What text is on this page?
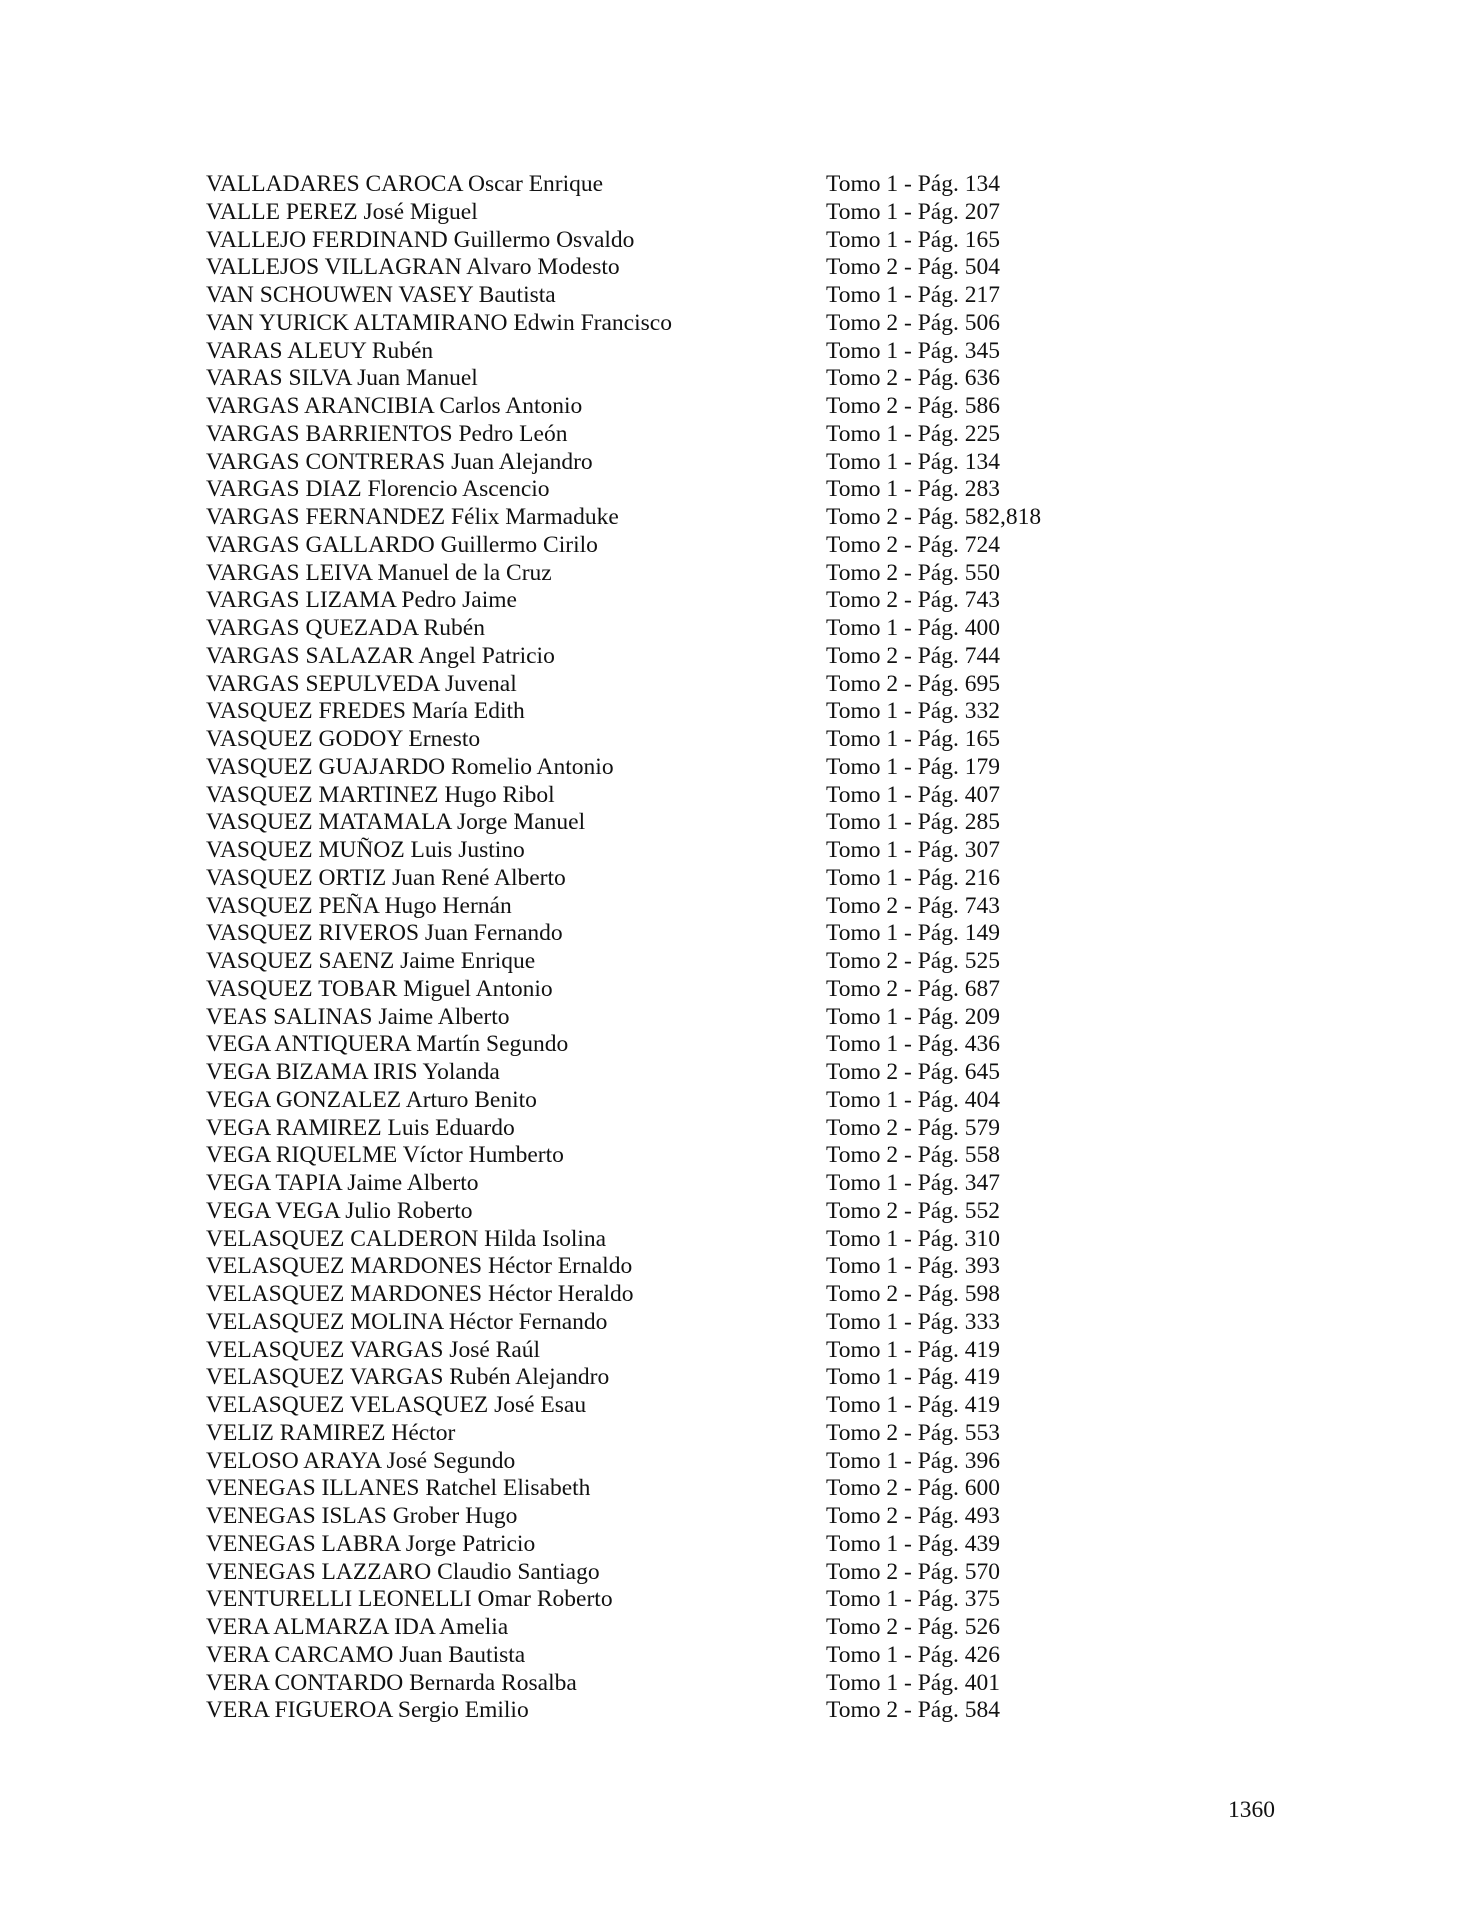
VALLADARES CAROCA Oscar Enrique	Tomo 1 - Pág. 134
VALLE PEREZ José Miguel	Tomo 1 - Pág. 207
VALLEJO FERDINAND Guillermo Osvaldo	Tomo 1 - Pág. 165
VALLEJOS VILLAGRAN Alvaro Modesto	Tomo 2 - Pág. 504
VAN SCHOUWEN VASEY Bautista	Tomo 1 - Pág. 217
VAN YURICK ALTAMIRANO Edwin Francisco	Tomo 2 - Pág. 506
VARAS ALEUY Rubén	Tomo 1 - Pág. 345
VARAS SILVA Juan Manuel	Tomo 2 - Pág. 636
VARGAS ARANCIBIA Carlos Antonio	Tomo 2 - Pág. 586
VARGAS BARRIENTOS Pedro León	Tomo 1 - Pág. 225
VARGAS CONTRERAS Juan Alejandro	Tomo 1 - Pág. 134
VARGAS DIAZ Florencio Ascencio	Tomo 1 - Pág. 283
VARGAS FERNANDEZ Félix Marmaduke	Tomo 2 - Pág. 582,818
VARGAS GALLARDO Guillermo Cirilo	Tomo 2 - Pág. 724
VARGAS LEIVA Manuel de la Cruz	Tomo 2 - Pág. 550
VARGAS LIZAMA Pedro Jaime	Tomo 2 - Pág. 743
VARGAS QUEZADA Rubén	Tomo 1 - Pág. 400
VARGAS SALAZAR Angel Patricio	Tomo 2 - Pág. 744
VARGAS SEPULVEDA Juvenal	Tomo 2 - Pág. 695
VASQUEZ FREDES María Edith	Tomo 1 - Pág. 332
VASQUEZ GODOY Ernesto	Tomo 1 - Pág. 165
VASQUEZ GUAJARDO Romelio Antonio	Tomo 1 - Pág. 179
VASQUEZ MARTINEZ Hugo Ribol	Tomo 1 - Pág. 407
VASQUEZ MATAMALA Jorge Manuel	Tomo 1 - Pág. 285
VASQUEZ MUÑOZ Luis Justino	Tomo 1 - Pág. 307
VASQUEZ ORTIZ Juan René Alberto	Tomo 1 - Pág. 216
VASQUEZ PEÑA Hugo Hernán	Tomo 2 - Pág. 743
VASQUEZ RIVEROS Juan Fernando	Tomo 1 - Pág. 149
VASQUEZ SAENZ Jaime Enrique	Tomo 2 - Pág. 525
VASQUEZ TOBAR Miguel Antonio	Tomo 2 - Pág. 687
VEAS SALINAS Jaime Alberto	Tomo 1 - Pág. 209
VEGA ANTIQUERA Martín Segundo	Tomo 1 - Pág. 436
VEGA BIZAMA IRIS Yolanda	Tomo 2 - Pág. 645
VEGA GONZALEZ Arturo Benito	Tomo 1 - Pág. 404
VEGA RAMIREZ Luis Eduardo	Tomo 2 - Pág. 579
VEGA RIQUELME Víctor Humberto	Tomo 2 - Pág. 558
VEGA TAPIA Jaime Alberto	Tomo 1 - Pág. 347
VEGA VEGA Julio Roberto	Tomo 2 - Pág. 552
VELASQUEZ CALDERON Hilda Isolina	Tomo 1 - Pág. 310
VELASQUEZ MARDONES Héctor Ernaldo	Tomo 1 - Pág. 393
VELASQUEZ MARDONES Héctor Heraldo	Tomo 2 - Pág. 598
VELASQUEZ MOLINA Héctor Fernando	Tomo 1 - Pág. 333
VELASQUEZ VARGAS José Raúl	Tomo 1 - Pág. 419
VELASQUEZ VARGAS Rubén Alejandro	Tomo 1 - Pág. 419
VELASQUEZ VELASQUEZ José Esau	Tomo 1 - Pág. 419
VELIZ RAMIREZ Héctor	Tomo 2 - Pág. 553
VELOSO ARAYA José Segundo	Tomo 1 - Pág. 396
VENEGAS ILLANES Ratchel Elisabeth	Tomo 2 - Pág. 600
VENEGAS ISLAS Grober Hugo	Tomo 2 - Pág. 493
VENEGAS LABRA Jorge Patricio	Tomo 1 - Pág. 439
VENEGAS LAZZARO Claudio Santiago	Tomo 2 - Pág. 570
VENTURELLI LEONELLI Omar Roberto	Tomo 1 - Pág. 375
VERA ALMARZA IDA Amelia	Tomo 2 - Pág. 526
VERA CARCAMO Juan Bautista	Tomo 1 - Pág. 426
VERA CONTARDO Bernarda Rosalba	Tomo 1 - Pág. 401
VERA FIGUEROA Sergio Emilio	Tomo 2 - Pág. 584
1360
